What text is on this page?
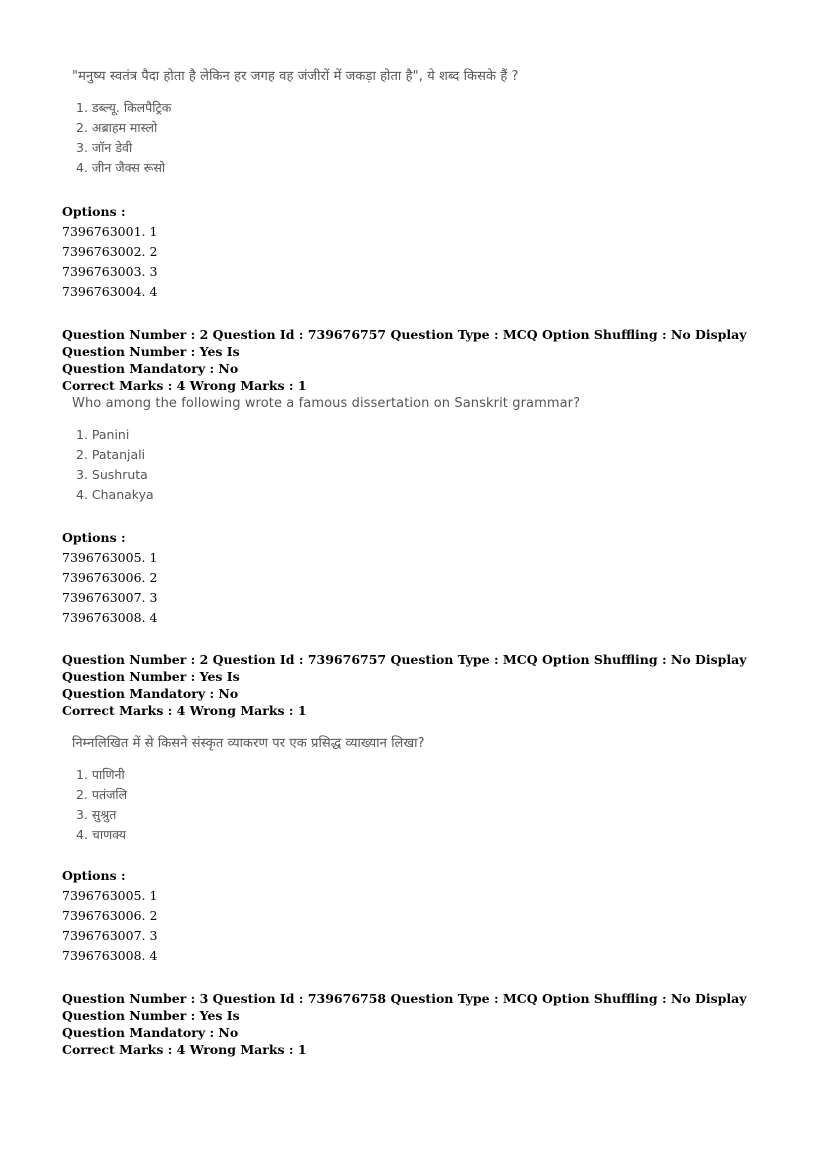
"मनुष्य स्वतंत्र पैदा होता है लेकिन हर जगह वह जंजीरों में जकड़ा होता है", ये शब्द किसके हैं ?

1. डब्ल्यू. किलपैट्रिक
2. अब्राहम मास्लो
3. जॉन डेवी
4. जीन जैक्स रूसो
Options :
7396763001. 1
7396763002. 2
7396763003. 3
7396763004. 4
Question Number : 2 Question Id : 739676757 Question Type : MCQ Option Shuffling : No Display Question Number : Yes Is
Question Mandatory : No
Correct Marks : 4 Wrong Marks : 1

Who among the following wrote a famous dissertation on Sanskrit grammar?

1. Panini
2. Patanjali
3. Sushruta
4. Chanakya
Options :
7396763005. 1
7396763006. 2
7396763007. 3
7396763008. 4
Question Number : 2 Question Id : 739676757 Question Type : MCQ Option Shuffling : No Display Question Number : Yes Is
Question Mandatory : No
Correct Marks : 4 Wrong Marks : 1

निम्नलिखित में से किसने संस्कृत व्याकरण पर एक प्रसिद्ध व्याख्यान लिखा?

1. पाणिनी
2. पतंजलि
3. सुश्रुत
4. चाणक्य
Options :
7396763005. 1
7396763006. 2
7396763007. 3
7396763008. 4
Question Number : 3 Question Id : 739676758 Question Type : MCQ Option Shuffling : No Display Question Number : Yes Is
Question Mandatory : No
Correct Marks : 4 Wrong Marks : 1
